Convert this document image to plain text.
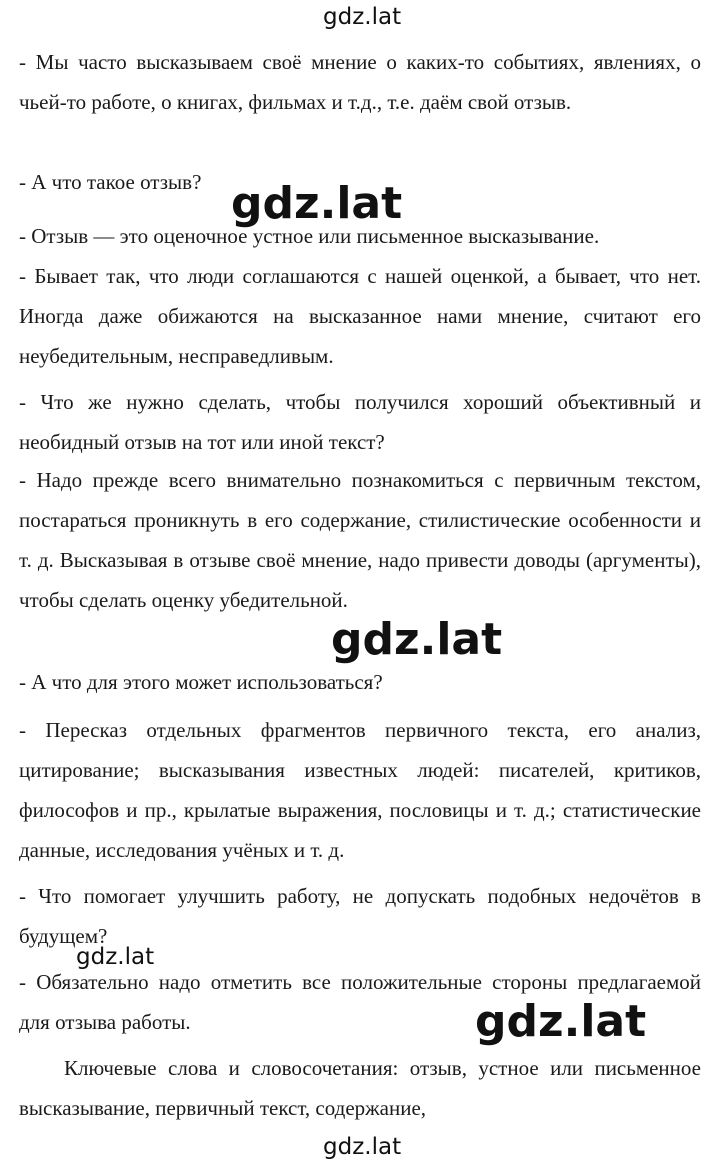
gdz.lat

- Мы часто высказываем своё мнение о каких-то событиях, явлениях, о чьей-то работе, о книгах, фильмах и т.д., т.е. даём свой отзыв.

- А что такое отзыв?

- Отзыв — это оценочное устное или письменное высказывание.

- Бывает так, что люди соглашаются с нашей оценкой, а бывает, что нет. Иногда даже обижаются на высказанное нами мнение, считают его неубедительным, несправедливым.

- Что же нужно сделать, чтобы получился хороший объективный и необидный отзыв на тот или иной текст?

- Надо прежде всего внимательно познакомиться с первичным текстом, постараться проникнуть в его содержание, стилистические особенности и т. д. Высказывая в отзыве своё мнение, надо привести доводы (аргументы), чтобы сделать оценку убедительной.

- А что для этого может использоваться?

- Пересказ отдельных фрагментов первичного текста, его анализ, цитирование; высказывания известных людей: писателей, критиков, философов и пр., крылатые выражения, пословицы и т. д.; статистические данные, исследования учёных и т. д.

- Что помогает улучшить работу, не допускать подобных недочётов в будущем?

- Обязательно надо отметить все положительные стороны предлагаемой для отзыва работы.

Ключевые слова и словосочетания: отзыв, устное или письменное высказывание, первичный текст, содержание,

gdz.lat
gdz.lat
gdz.lat
gdz.lat
gdz.lat
